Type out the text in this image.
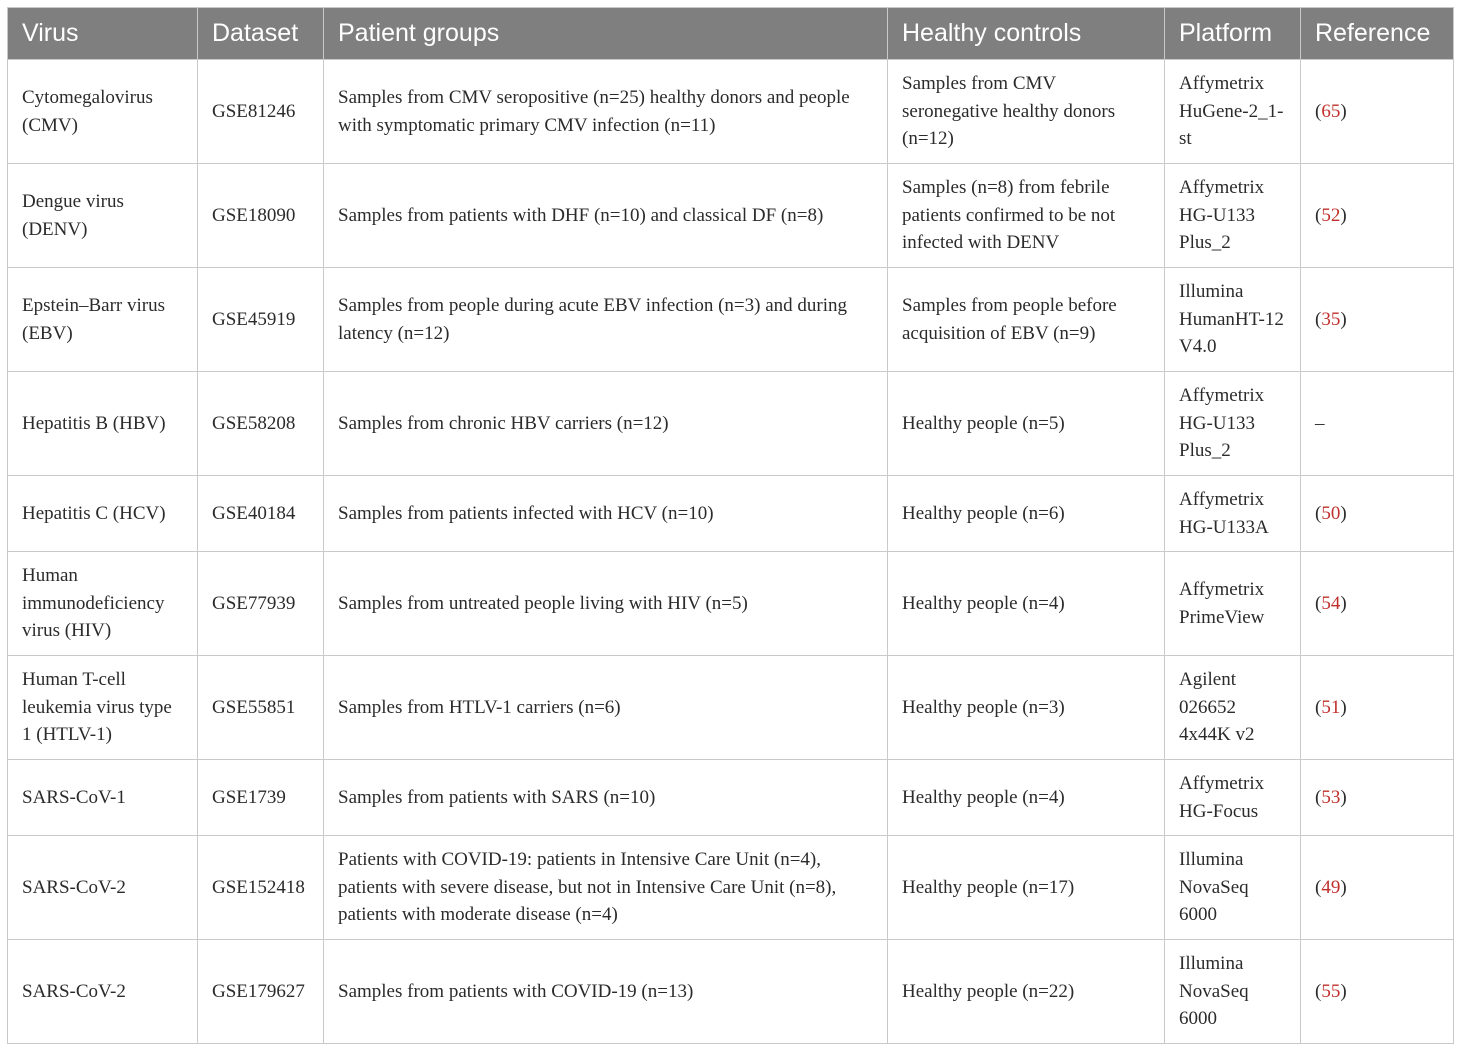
Virus	Dataset	Patient groups	Healthy controls	Platform	Reference
Cytomegalovirus (CMV)	GSE81246	Samples from CMV seropositive (n=25) healthy donors and people with symptomatic primary CMV infection (n=11)	Samples from CMV seronegative healthy donors (n=12)	Affymetrix HuGene-2_1-st	(65)
Dengue virus (DENV)	GSE18090	Samples from patients with DHF (n=10) and classical DF (n=8)	Samples (n=8) from febrile patients confirmed to be not infected with DENV	Affymetrix HG-U133 Plus_2	(52)
Epstein–Barr virus (EBV)	GSE45919	Samples from people during acute EBV infection (n=3) and during latency (n=12)	Samples from people before acquisition of EBV (n=9)	Illumina HumanHT-12 V4.0	(35)
Hepatitis B (HBV)	GSE58208	Samples from chronic HBV carriers (n=12)	Healthy people (n=5)	Affymetrix HG-U133 Plus_2	–
Hepatitis C (HCV)	GSE40184	Samples from patients infected with HCV (n=10)	Healthy people (n=6)	Affymetrix HG-U133A	(50)
Human immunodeficiency virus (HIV)	GSE77939	Samples from untreated people living with HIV (n=5)	Healthy people (n=4)	Affymetrix PrimeView	(54)
Human T-cell leukemia virus type 1 (HTLV-1)	GSE55851	Samples from HTLV-1 carriers (n=6)	Healthy people (n=3)	Agilent 026652 4x44K v2	(51)
SARS-CoV-1	GSE1739	Samples from patients with SARS (n=10)	Healthy people (n=4)	Affymetrix HG-Focus	(53)
SARS-CoV-2	GSE152418	Patients with COVID-19: patients in Intensive Care Unit (n=4), patients with severe disease, but not in Intensive Care Unit (n=8), patients with moderate disease (n=4)	Healthy people (n=17)	Illumina NovaSeq 6000	(49)
SARS-CoV-2	GSE179627	Samples from patients with COVID-19 (n=13)	Healthy people (n=22)	Illumina NovaSeq 6000	(55)
